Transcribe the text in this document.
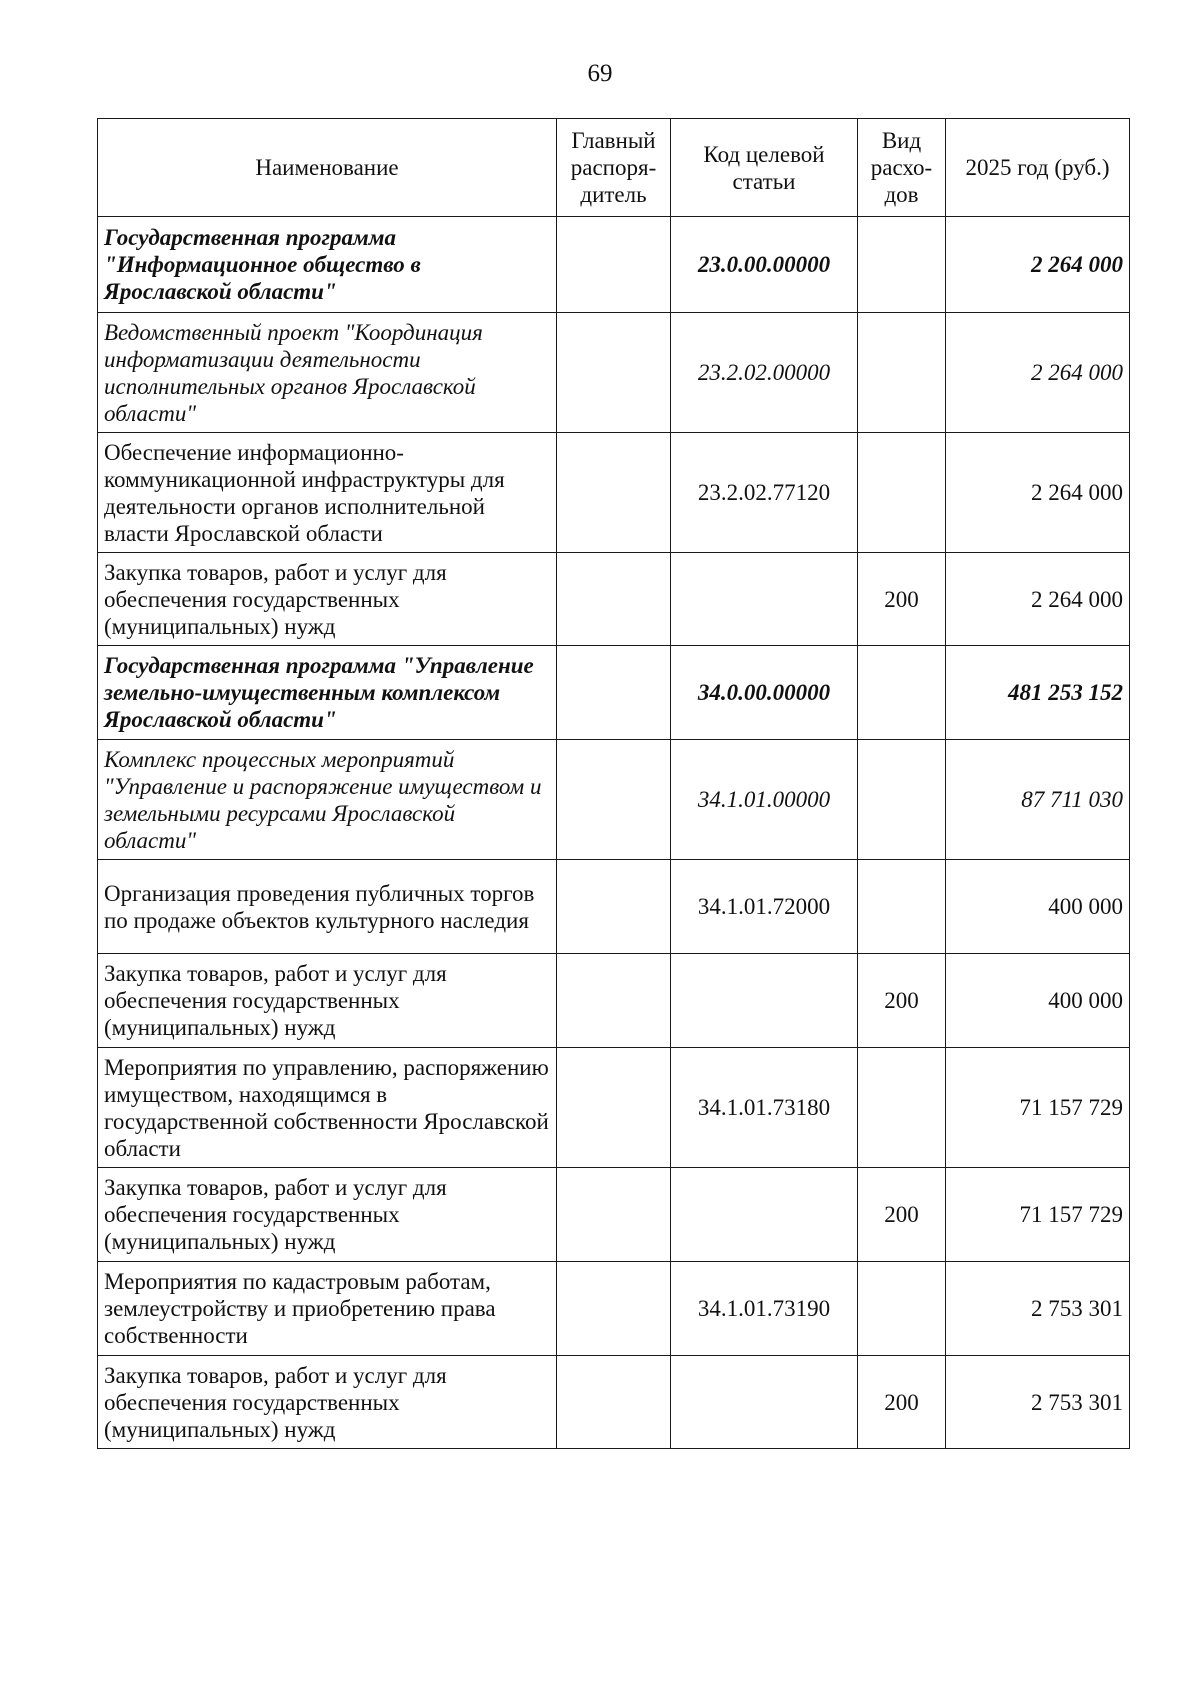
69
Наименование	Главный распоря-дитель	Код целевой статьи	Вид расхо-дов	2025 год (руб.)
Государственная программа "Информационное общество в Ярославской области"		23.0.00.00000		2 264 000
Ведомственный проект "Координация информатизации деятельности исполнительных органов Ярославской области"		23.2.02.00000		2 264 000
Обеспечение информационно-коммуникационной инфраструктуры для деятельности органов исполнительной власти Ярославской области		23.2.02.77120		2 264 000
Закупка товаров, работ и услуг для обеспечения государственных (муниципальных) нужд			200	2 264 000
Государственная программа "Управление земельно-имущественным комплексом Ярославской области"		34.0.00.00000		481 253 152
Комплекс процессных мероприятий "Управление и распоряжение имуществом и земельными ресурсами Ярославской области"		34.1.01.00000		87 711 030
Организация проведения публичных торгов по продаже объектов культурного наследия		34.1.01.72000		400 000
Закупка товаров, работ и услуг для обеспечения государственных (муниципальных) нужд			200	400 000
Мероприятия по управлению, распоряжению имуществом, находящимся в государственной собственности Ярославской области		34.1.01.73180		71 157 729
Закупка товаров, работ и услуг для обеспечения государственных (муниципальных) нужд			200	71 157 729
Мероприятия по кадастровым работам, землеустройству и приобретению права собственности		34.1.01.73190		2 753 301
Закупка товаров, работ и услуг для обеспечения государственных (муниципальных) нужд			200	2 753 301
